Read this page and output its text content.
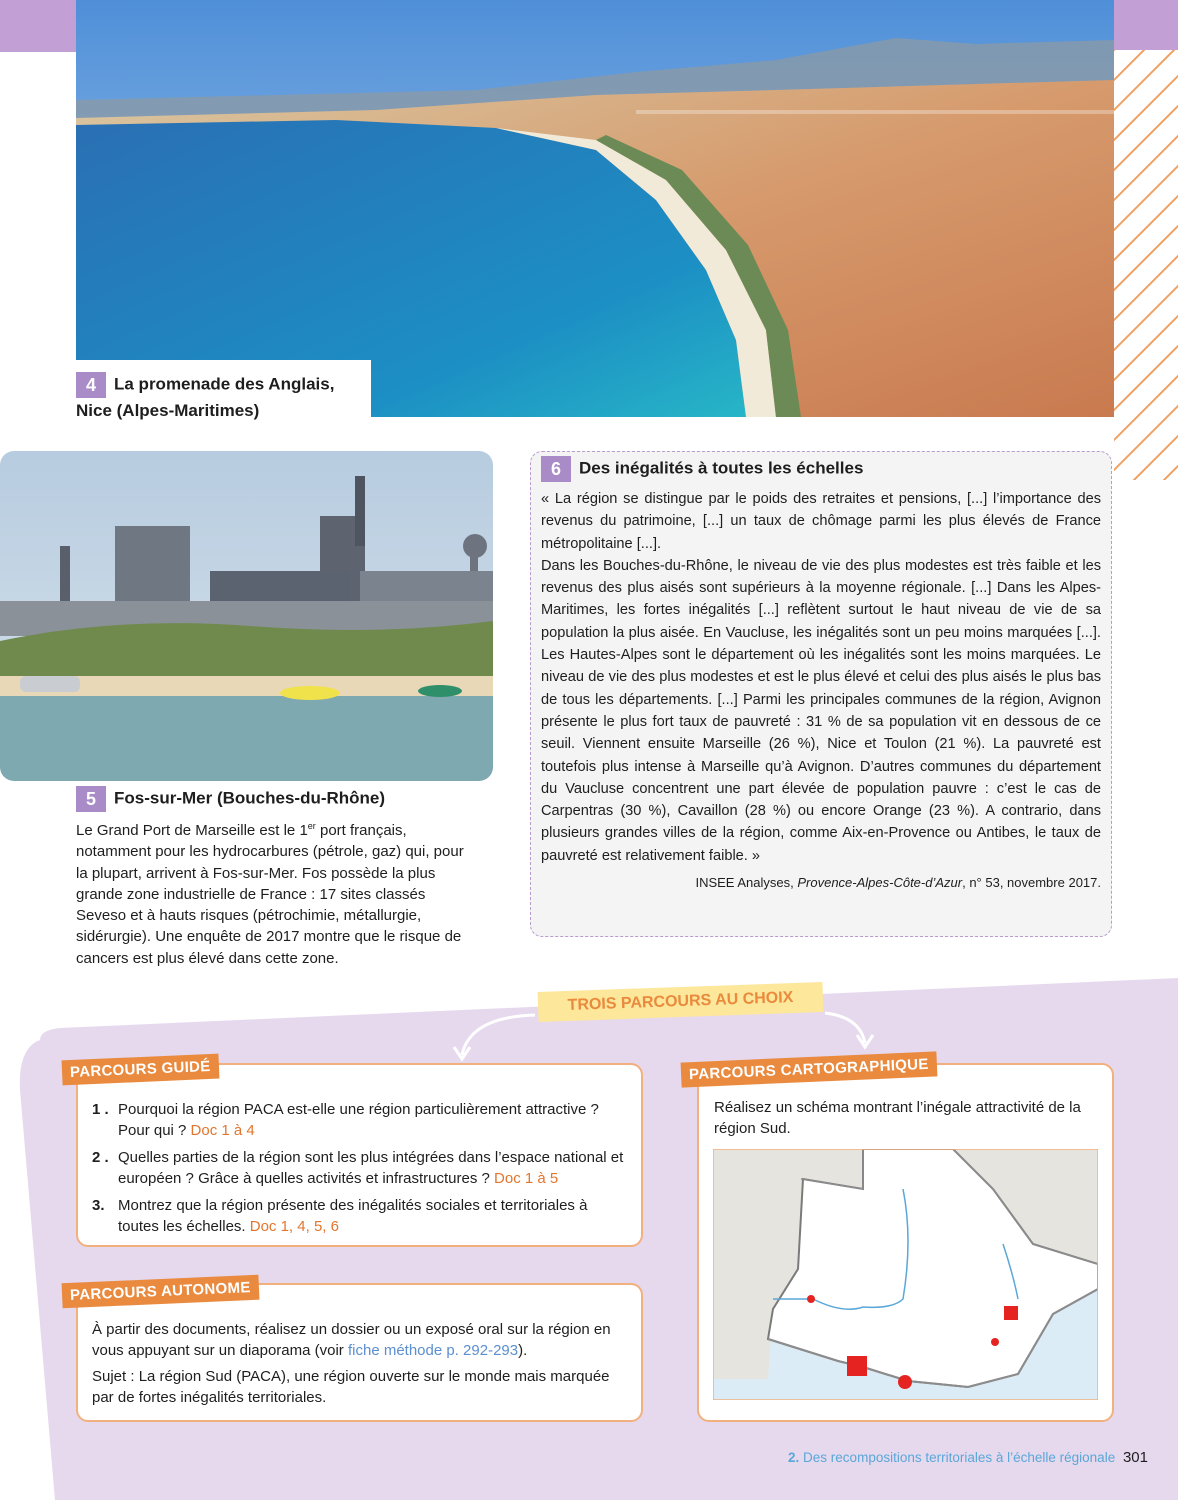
4 La promenade des Anglais,
Nice (Alpes-Maritimes)
5 Fos-sur-Mer (Bouches-du-Rhône)
Le Grand Port de Marseille est le 1er port français, notamment pour les hydrocarbures (pétrole, gaz) qui, pour la plupart, arrivent à Fos-sur-Mer. Fos possède la plus grande zone industrielle de France : 17 sites classés Seveso et à hauts risques (pétrochimie, métallurgie, sidérurgie). Une enquête de 2017 montre que le risque de cancers est plus élevé dans cette zone.
6 Des inégalités à toutes les échelles
« La région se distingue par le poids des retraites et pensions, [...] l’importance des revenus du patrimoine, [...] un taux de chômage parmi les plus élevés de France métropolitaine [...].
Dans les Bouches-du-Rhône, le niveau de vie des plus modestes est très faible et les revenus des plus aisés sont supérieurs à la moyenne régionale. [...] Dans les Alpes-Maritimes, les fortes inégalités [...] reflètent surtout le haut niveau de vie de sa population la plus aisée. En Vaucluse, les inégalités sont un peu moins marquées [...]. Les Hautes-Alpes sont le département où les inégalités sont les moins marquées. Le niveau de vie des plus modestes et est le plus élevé et celui des plus aisés le plus bas de tous les départements. [...] Parmi les principales communes de la région, Avignon présente le plus fort taux de pauvreté : 31 % de sa population vit en dessous de ce seuil. Viennent ensuite Marseille (26 %), Nice et Toulon (21 %). La pauvreté est toutefois plus intense à Marseille qu’à Avignon. D’autres communes du département du Vaucluse concentrent une part élevée de population pauvre : c’est le cas de Carpentras (30 %), Cavaillon (28 %) ou encore Orange (23 %). A contrario, dans plusieurs grandes villes de la région, comme Aix-en-Provence ou Antibes, le taux de pauvreté est relativement faible. »
INSEE Analyses, Provence-Alpes-Côte-d’Azur, n° 53, novembre 2017.
TROIS PARCOURS AU CHOIX
PARCOURS GUIDÉ
1 . Pourquoi la région PACA est-elle une région particulièrement attractive ? Pour qui ? Doc 1 à 4
2 . Quelles parties de la région sont les plus intégrées dans l’espace national et européen ? Grâce à quelles activités et infrastructures ? Doc 1 à 5
3. Montrez que la région présente des inégalités sociales et territoriales à toutes les échelles. Doc 1, 4, 5, 6
PARCOURS AUTONOME
À partir des documents, réalisez un dossier ou un exposé oral sur la région en vous appuyant sur un diaporama (voir fiche méthode p. 292-293).
Sujet : La région Sud (PACA), une région ouverte sur le monde mais marquée par de fortes inégalités territoriales.
PARCOURS CARTOGRAPHIQUE
Réalisez un schéma montrant l’inégale attractivité de la région Sud.
2. Des recompositions territoriales à l’échelle régionale 301
